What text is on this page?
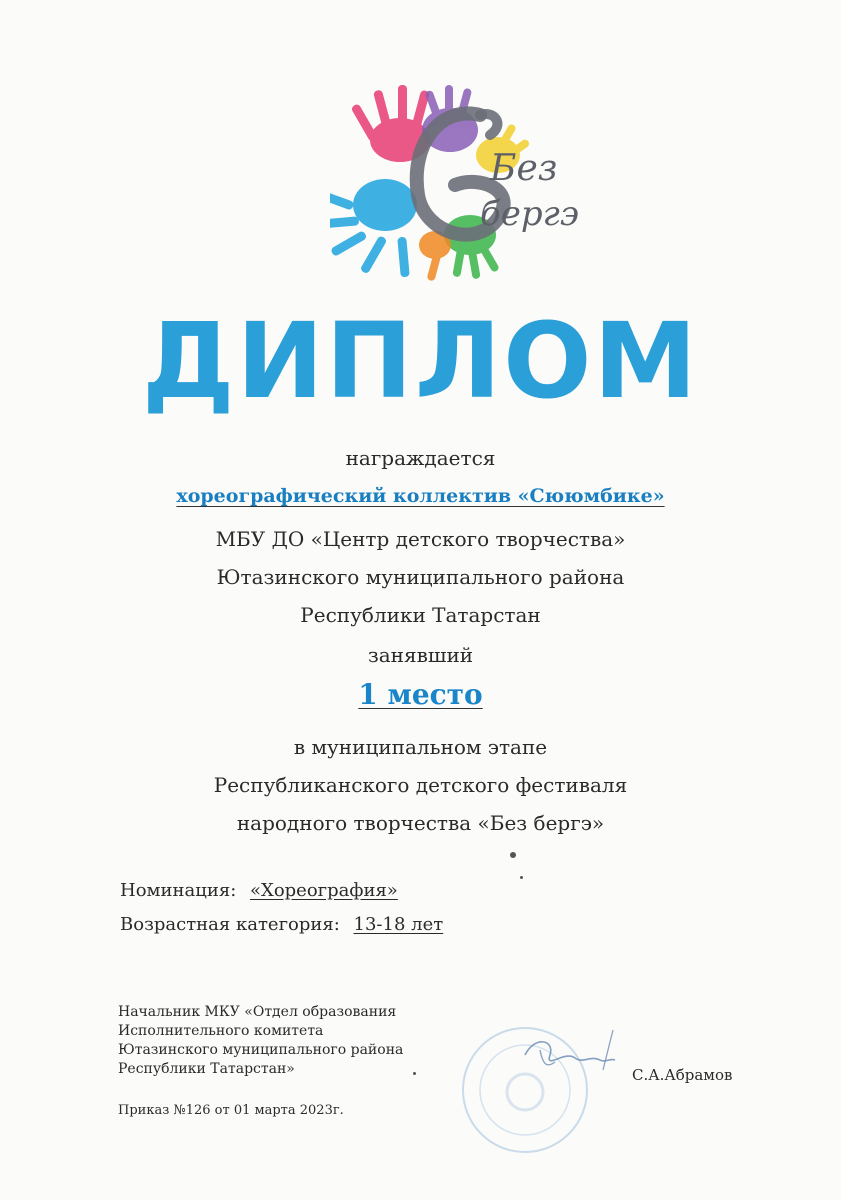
Без
бергэ
ДИПЛОМ
награждается
хореографический коллектив «Сююмбике»
МБУ ДО «Центр детского творчества»
Ютазинского муниципального района
Республики Татарстан
занявший
1 место
в муниципальном этапе
Республиканского детского фестиваля
народного творчества «Без бергэ»
Номинация: «Хореография»
Возрастная категория: 13-18 лет
Начальник МКУ «Отдел образования
Исполнительного комитета
Ютазинского муниципального района
Республики Татарстан»	С.А.Абрамов
Приказ №126 от 01 марта 2023г.
